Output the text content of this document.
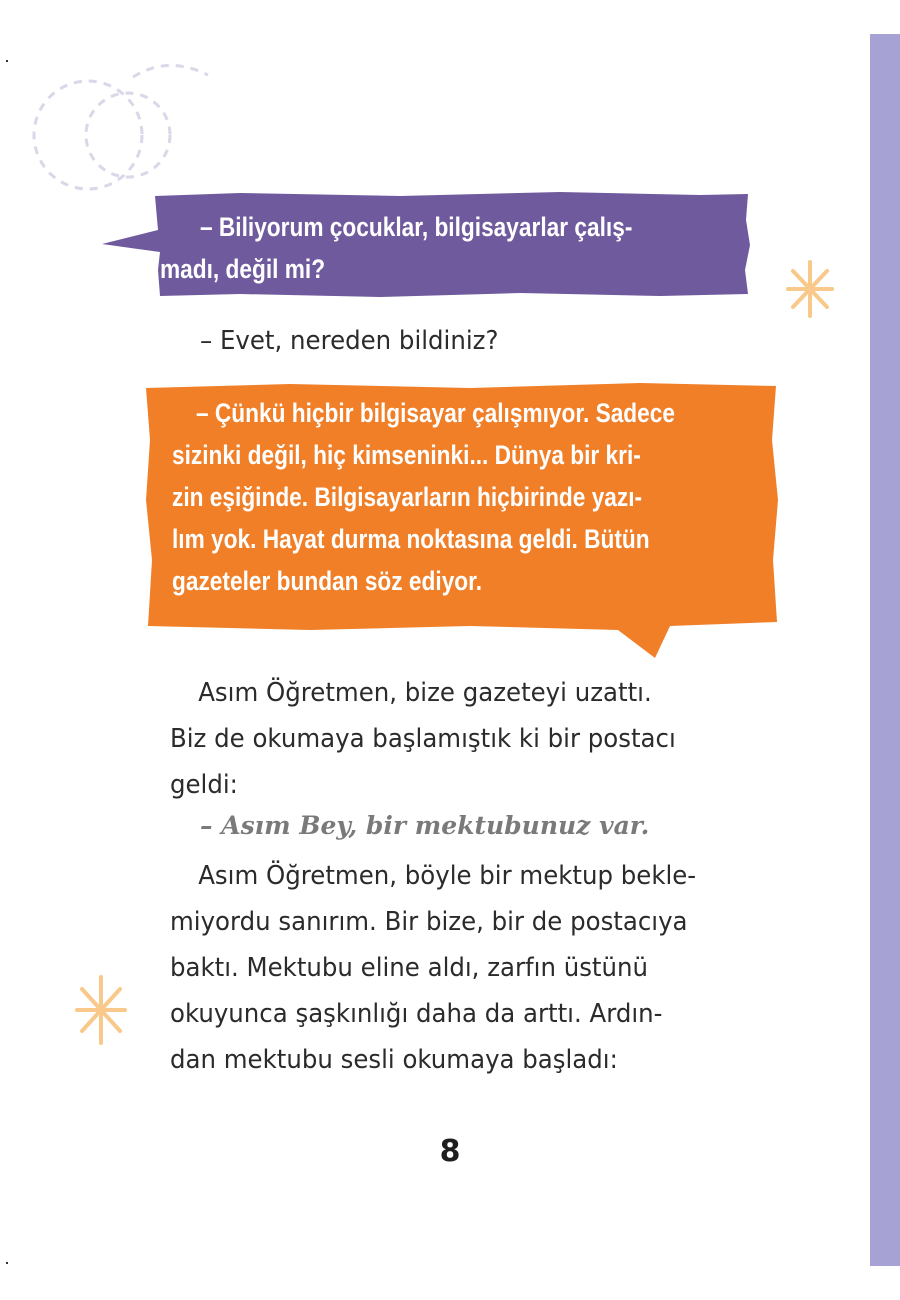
– Biliyorum çocuklar, bilgisayarlar çalış-
madı, değil mi?
– Evet, nereden bildiniz?
– Çünkü hiçbir bilgisayar çalışmıyor. Sadece
sizinki değil, hiç kimseninki... Dünya bir kri-
zin eşiğinde. Bilgisayarların hiçbirinde yazı-
lım yok. Hayat durma noktasına geldi. Bütün
gazeteler bundan söz ediyor.
Asım Öğretmen, bize gazeteyi uzattı.
Biz de okumaya başlamıştık ki bir postacı
geldi:
– Asım Bey, bir mektubunuz var.
Asım Öğretmen, böyle bir mektup bekle-
miyordu sanırım. Bir bize, bir de postacıya
baktı. Mektubu eline aldı, zarfın üstünü
okuyunca şaşkınlığı daha da arttı. Ardın-
dan mektubu sesli okumaya başladı:
8
